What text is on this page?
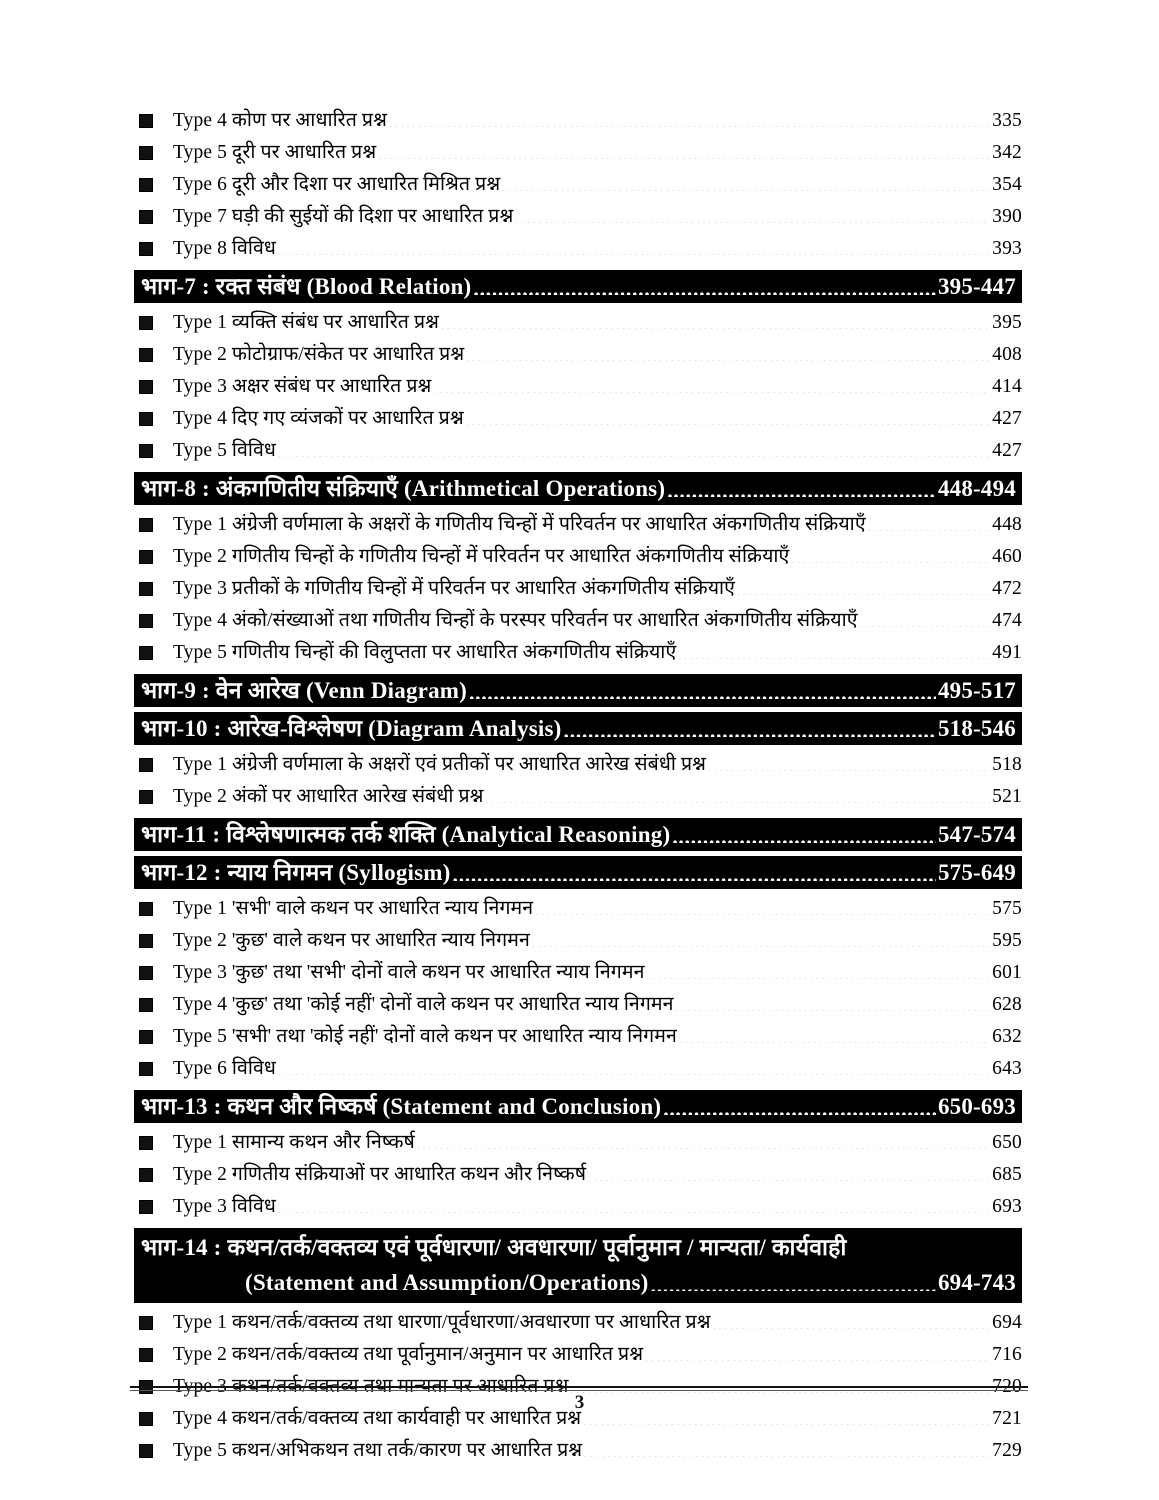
Type 4 कोण पर आधारित प्रश्न .....	335
Type 5 दूरी पर आधारित प्रश्न .....	342
Type 6 दूरी और दिशा पर आधारित मिश्रित प्रश्न .....	354
Type 7 घड़ी की सुईयों की दिशा पर आधारित प्रश्न .....	390
Type 8 विविध .....	393
भाग-7 : रक्त संबंध (Blood Relation) .....	395-447
Type 1 व्यक्ति संबंध पर आधारित प्रश्न .....	395
Type 2 फोटोग्राफ/संकेत पर आधारित प्रश्न .....	408
Type 3 अक्षर संबंध पर आधारित प्रश्न .....	414
Type 4 दिए गए व्यंजकों पर आधारित प्रश्न .....	427
Type 5 विविध .....	427
भाग-8 : अंकगणितीय संक्रियाएँ (Arithmetical Operations) .....	448-494
Type 1 अंग्रेजी वर्णमाला के अक्षरों के गणितीय चिन्हों में परिवर्तन पर आधारित अंकगणितीय संक्रियाएँ .....	448
Type 2 गणितीय चिन्हों के गणितीय चिन्हों में परिवर्तन पर आधारित अंकगणितीय संक्रियाएँ .....	460
Type 3 प्रतीकों के गणितीय चिन्हों में परिवर्तन पर आधारित अंकगणितीय संक्रियाएँ .....	472
Type 4 अंको/संख्याओं तथा गणितीय चिन्हों के परस्पर परिवर्तन पर आधारित अंकगणितीय संक्रियाएँ .....	474
Type 5 गणितीय चिन्हों की विलुप्तता पर आधारित अंकगणितीय संक्रियाएँ .....	491
भाग-9 : वेन आरेख (Venn Diagram) .....	495-517
भाग-10 : आरेख-विश्लेषण (Diagram Analysis) .....	518-546
Type 1 अंग्रेजी वर्णमाला के अक्षरों एवं प्रतीकों पर आधारित आरेख संबंधी प्रश्न .....	518
Type 2 अंकों पर आधारित आरेख संबंधी प्रश्न .....	521
भाग-11 : विश्लेषणात्मक तर्क शक्ति (Analytical Reasoning) .....	547-574
भाग-12 : न्याय निगमन (Syllogism) .....	575-649
Type 1 'सभी' वाले कथन पर आधारित न्याय निगमन .....	575
Type 2 'कुछ' वाले कथन पर आधारित न्याय निगमन .....	595
Type 3 'कुछ' तथा 'सभी' दोनों वाले कथन पर आधारित न्याय निगमन .....	601
Type 4 'कुछ' तथा 'कोई नहीं' दोनों वाले कथन पर आधारित न्याय निगमन .....	628
Type 5 'सभी' तथा 'कोई नहीं' दोनों वाले कथन पर आधारित न्याय निगमन .....	632
Type 6 विविध .....	643
भाग-13 : कथन और निष्कर्ष (Statement and Conclusion) .....	650-693
Type 1 सामान्य कथन और निष्कर्ष .....	650
Type 2 गणितीय संक्रियाओं पर आधारित कथन और निष्कर्ष .....	685
Type 3 विविध .....	693
भाग-14 : कथन/तर्क/वक्तव्य एवं पूर्वधारणा/ अवधारणा/ पूर्वानुमान / मान्यता/ कार्यवाही
(Statement and Assumption/Operations) .....	694-743
Type 1 कथन/तर्क/वक्तव्य तथा धारणा/पूर्वधारणा/अवधारणा पर आधारित प्रश्न .....	694
Type 2 कथन/तर्क/वक्तव्य तथा पूर्वानुमान/अनुमान पर आधारित प्रश्न .....	716
Type 3 कथन/तर्क/वक्तव्य तथा मान्यता पर आधारित प्रश्न .....	720
Type 4 कथन/तर्क/वक्तव्य तथा कार्यवाही पर आधारित प्रश्न .....	721
Type 5 कथन/अभिकथन तथा तर्क/कारण पर आधारित प्रश्न .....	729
3
